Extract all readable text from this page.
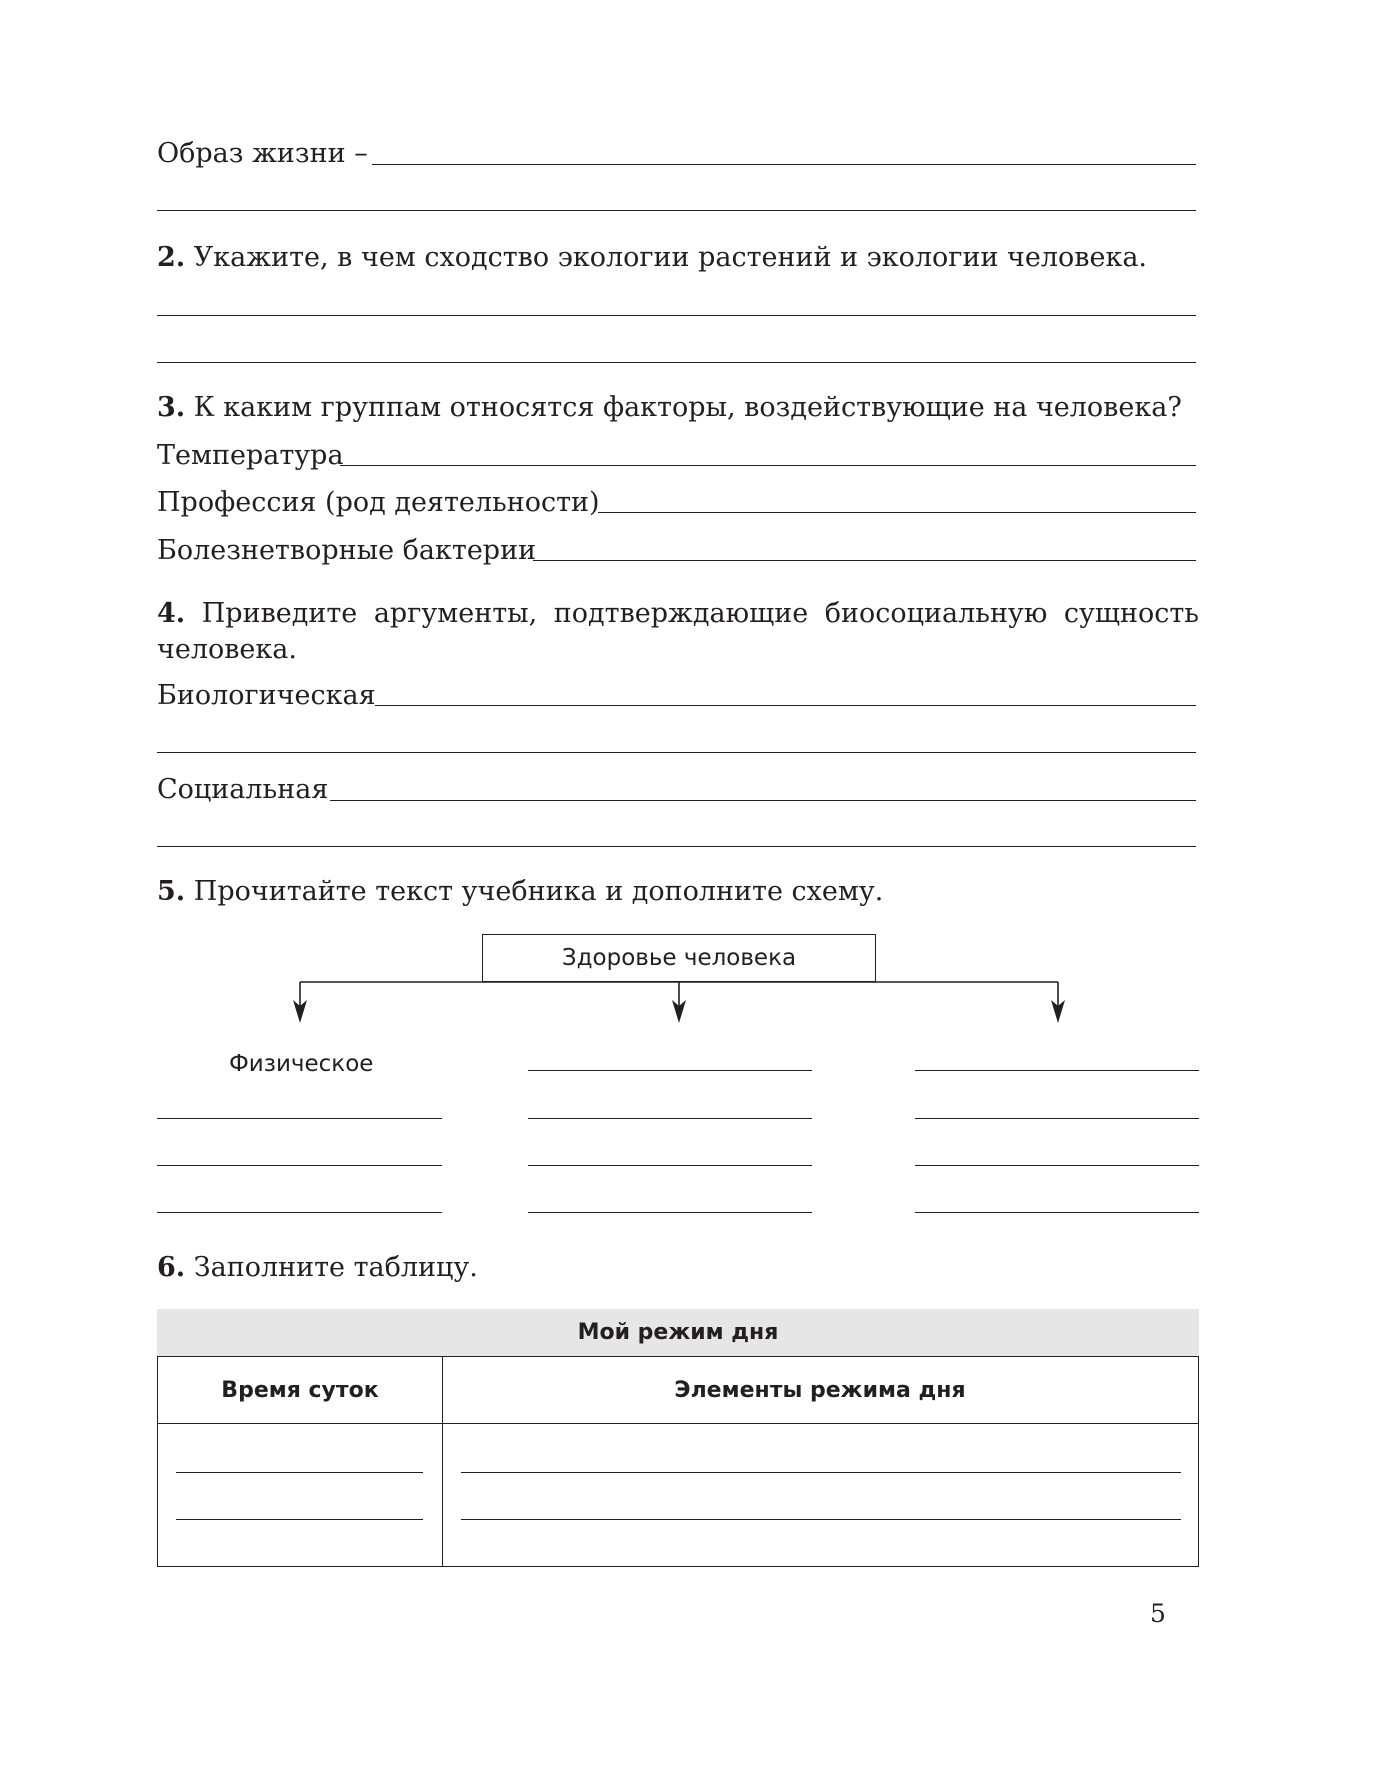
Образ жизни –
2. Укажите, в чем сходство экологии растений и экологии человека.
3. К каким группам относятся факторы, воздействующие на человека?
Температура
Профессия (род деятельности)
Болезнетворные бактерии
4. Приведите аргументы, подтверждающие биосоциальную сущность
человека.
Биологическая
Социальная
5. Прочитайте текст учебника и дополните схему.
Здоровье человека
Физическое
6. Заполните таблицу.
Мой режим дня
Время суток	Элементы режима дня
5
